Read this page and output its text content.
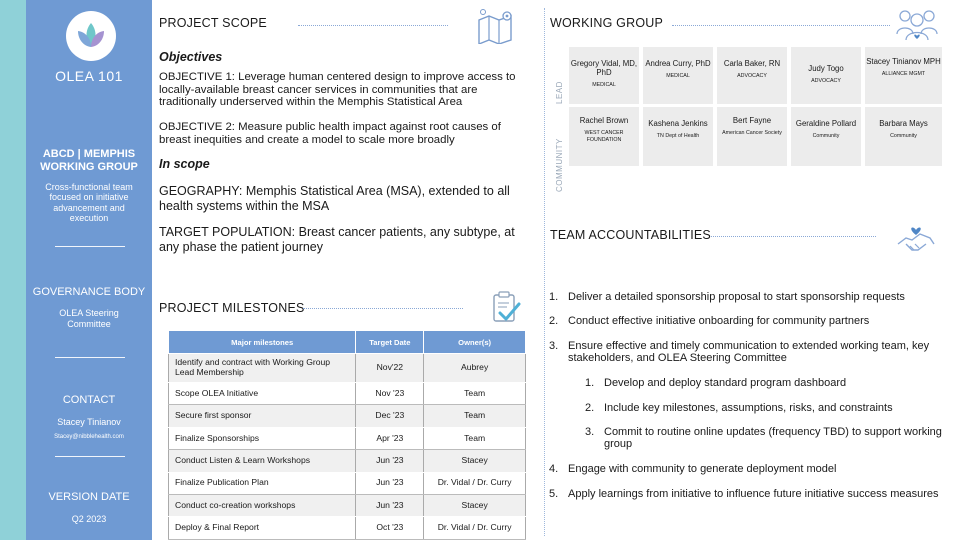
OLEA 101
ABCD | MEMPHIS WORKING GROUP
Cross-functional team focused on initiative advancement and execution
GOVERNANCE BODY
OLEA Steering Committee
CONTACT
Stacey Tinianov
Stacey@nibblehealth.com
VERSION DATE
Q2 2023
PROJECT SCOPE
Objectives
OBJECTIVE 1: Leverage human centered design to improve access to locally-available breast cancer services in communities that are traditionally underserved within the Memphis Statistical Area
OBJECTIVE 2: Measure public health impact against root causes of breast inequities and create a model to scale more broadly
In scope
GEOGRAPHY: Memphis Statistical Area (MSA), extended to all health systems within the MSA
TARGET POPULATION: Breast cancer patients, any subtype, at any phase the patient journey
PROJECT MILESTONES
Major milestones	Target Date	Owner(s)
Identify and contract with Working Group Lead Membership	Nov'22	Aubrey
Scope OLEA Initiative	Nov '23	Team
Secure first sponsor	Dec '23	Team
Finalize Sponsorships	Apr '23	Team
Conduct Listen & Learn Workshops	Jun '23	Stacey
Finalize Publication Plan	Jun '23	Dr. Vidal / Dr. Curry
Conduct co-creation workshops	Jun '23	Stacey
Deploy & Final Report	Oct '23	Dr. Vidal / Dr. Curry
WORKING GROUP
LEAD
COMMUNITY
Gregory Vidal, MD, PhD
MEDICAL
Andrea Curry, PhD
MEDICAL
Carla Baker, RN
ADVOCACY
Judy Togo
ADVOCACY
Stacey Tinianov MPH
ALLIANCE MGMT
Rachel Brown
WEST CANCER FOUNDATION
Kashena Jenkins
TN Dept of Health
Bert Fayne
American Cancer Society
Geraldine Pollard
Community
Barbara Mays
Community
TEAM ACCOUNTABILITIES
1. Deliver a detailed sponsorship proposal to start sponsorship requests
2. Conduct effective initiative onboarding for community partners
3. Ensure effective and timely communication to extended working team, key stakeholders, and OLEA Steering Committee
1. Develop and deploy standard program dashboard
2. Include key milestones, assumptions, risks, and constraints
3. Commit to routine online updates (frequency TBD) to support working group
4. Engage with community to generate deployment model
5. Apply learnings from initiative to influence future initiative success measures
